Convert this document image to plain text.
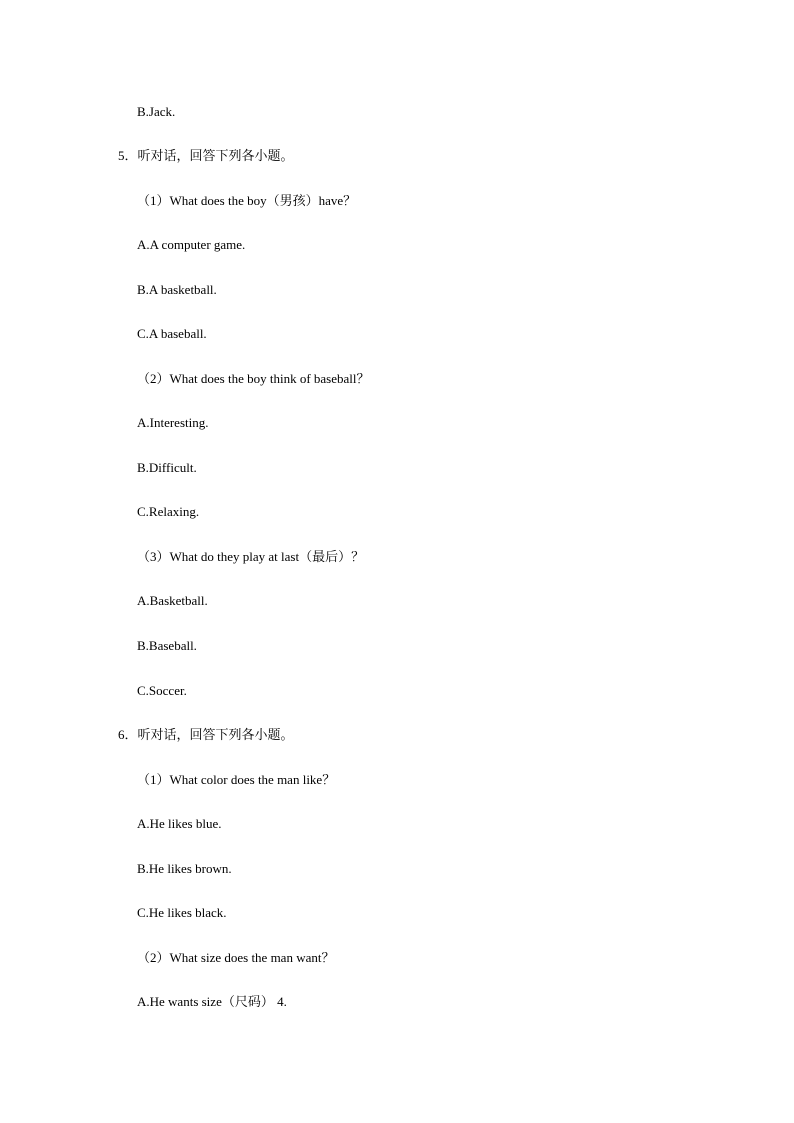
B.Jack.
5．听对话，回答下列各小题。
（1）What does the boy（男孩）have？
A.A computer game.
B.A basketball.
C.A baseball.
（2）What does the boy think of baseball？
A.Interesting.
B.Difficult.
C.Relaxing.
（3）What do they play at last（最后）？
A.Basketball.
B.Baseball.
C.Soccer.
6．听对话，回答下列各小题。
（1）What color does the man like？
A.He likes blue.
B.He likes brown.
C.He likes black.
（2）What size does the man want？
A.He wants size（尺码） 4.
